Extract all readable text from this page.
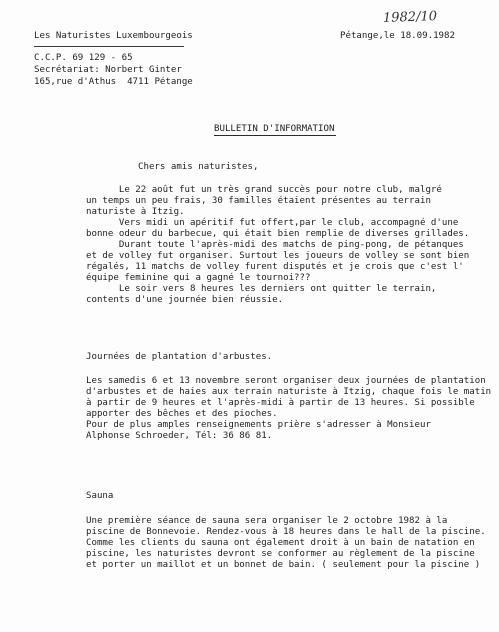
1982/10
Les Naturistes Luxembourgeois	Pétange,le 18.09.1982
C.C.P. 69 129 - 65
Secrétariat: Norbert Ginter
165,rue d'Athus  4711 Pétange
BULLETIN D'INFORMATION
Chers amis naturistes,
Le 22 août fut un très grand succès pour notre club, malgré
un temps un peu frais, 30 familles étaient présentes au terrain
naturiste à Itzig.
Vers midi un apéritif fut offert,par le club, accompagné d'une
bonne odeur du barbecue, qui était bien remplie de diverses grillades.
Durant toute l'après-midi des matchs de ping-pong, de pétanques
et de volley fut organiser. Surtout les joueurs de volley se sont bien
régalés, 11 matchs de volley furent disputés et je crois que c'est l'
équipe feminine qui a gagné le tournoi???
Le soir vers 8 heures les derniers ont quitter le terrain,
contents d'une journée bien réussie.
Journées de plantation d'arbustes.
Les samedis 6 et 13 novembre seront organiser deux journées de plantation
d'arbustes et de haies aux terrain naturiste à Itzig, chaque fois le matin
à partir de 9 heures et l'après-midi à partir de 13 heures. Si possible
apporter des bêches et des pioches.
Pour de plus amples renseignements prière s'adresser à Monsieur
Alphonse Schroeder, Tél: 36 86 81.
Sauna
Une première séance de sauna sera organiser le 2 octobre 1982 à la
piscine de Bonnevoie. Rendez-vous à 18 heures dans le hall de la piscine.
Comme les clients du sauna ont également droit à un bain de natation en
piscine, les naturistes devront se conformer au règlement de la piscine
et porter un maillot et un bonnet de bain. ( seulement pour la piscine )
